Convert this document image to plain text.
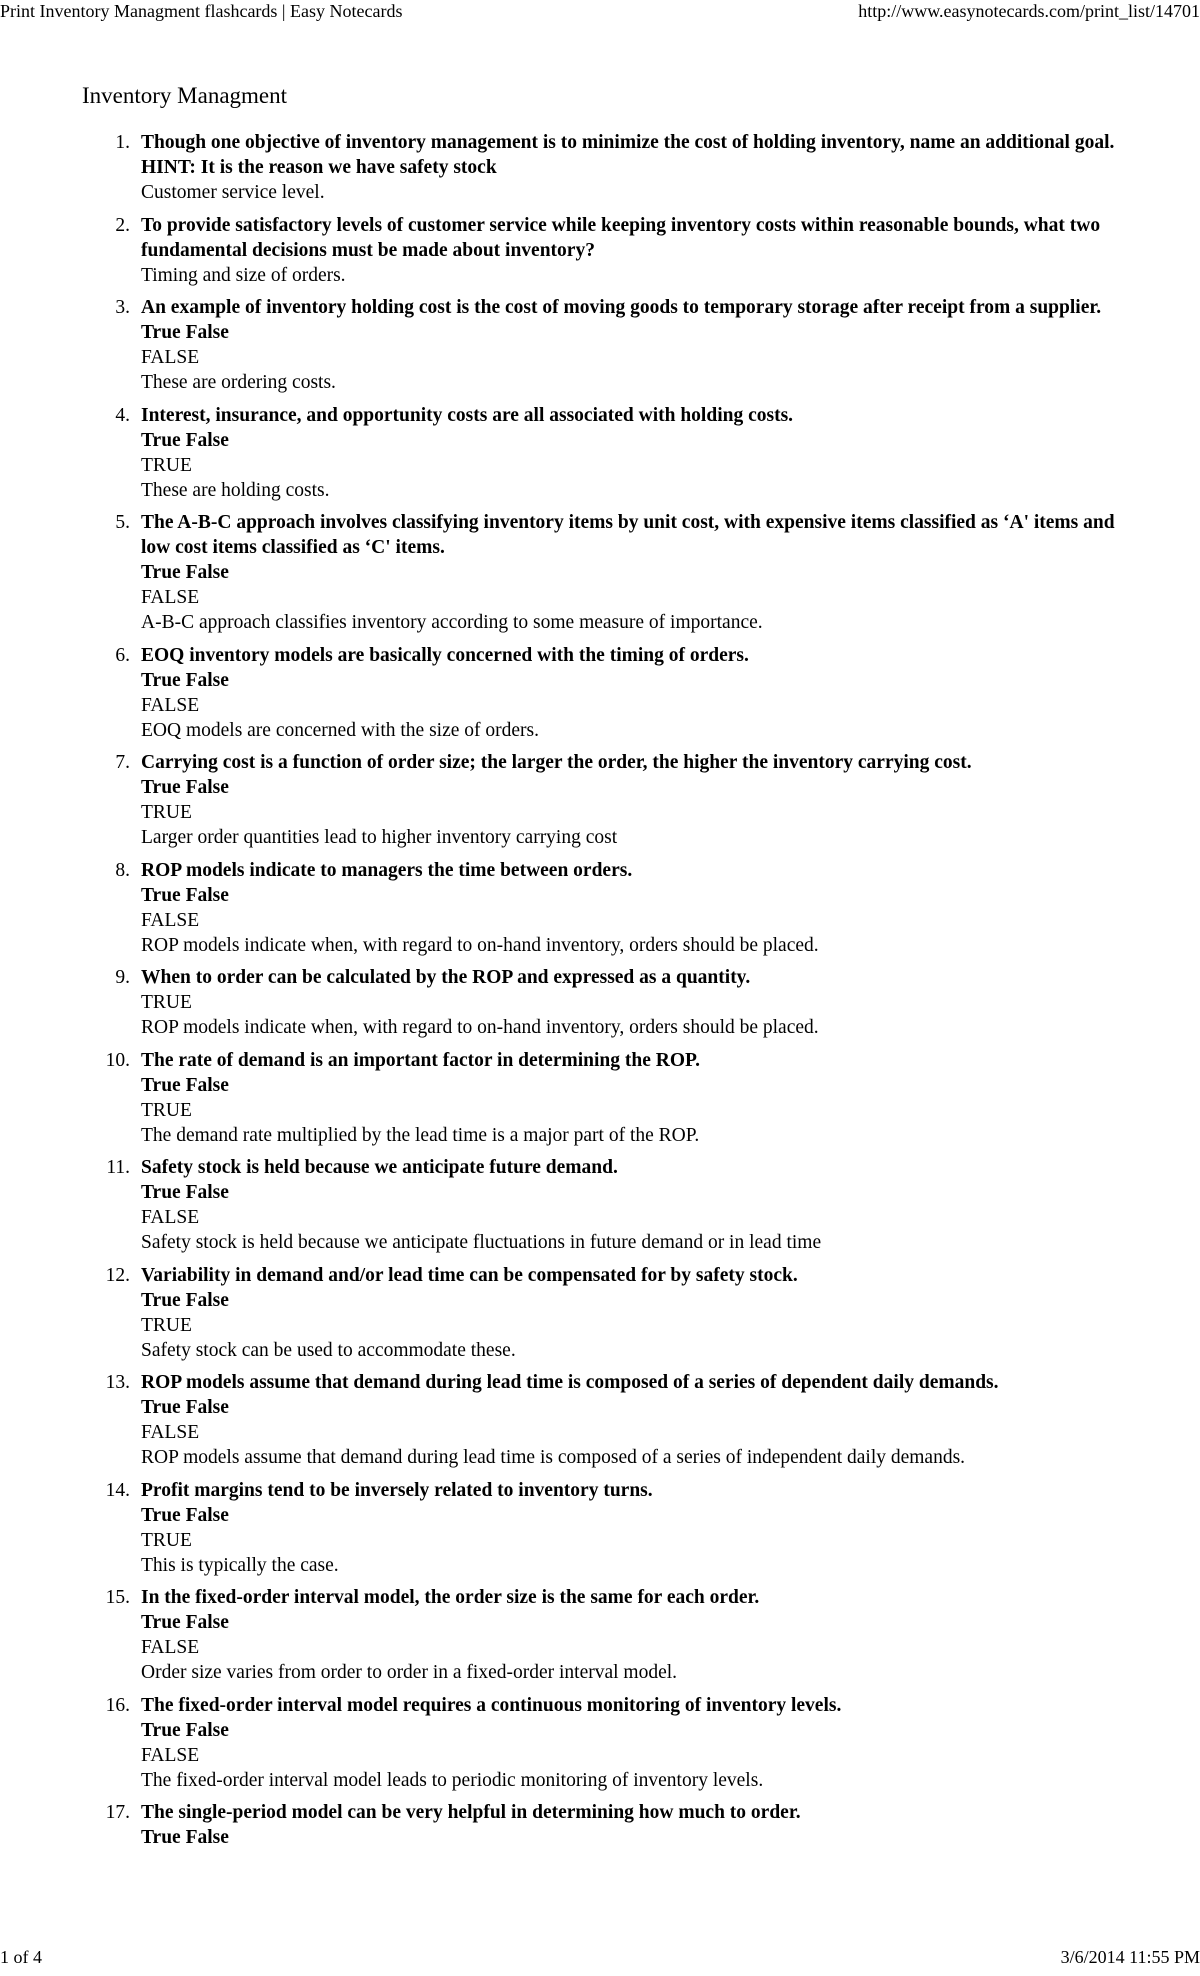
Print Inventory Managment flashcards | Easy Notecards	http://www.easynotecards.com/print_list/14701
Inventory Managment
1. Though one objective of inventory management is to minimize the cost of holding inventory, name an additional goal. HINT: It is the reason we have safety stock
Customer service level.
2. To provide satisfactory levels of customer service while keeping inventory costs within reasonable bounds, what two fundamental decisions must be made about inventory?
Timing and size of orders.
3. An example of inventory holding cost is the cost of moving goods to temporary storage after receipt from a supplier.
True False
FALSE
These are ordering costs.
4. Interest, insurance, and opportunity costs are all associated with holding costs.
True False
TRUE
These are holding costs.
5. The A-B-C approach involves classifying inventory items by unit cost, with expensive items classified as ‘A' items and low cost items classified as ‘C' items.
True False
FALSE
A-B-C approach classifies inventory according to some measure of importance.
6. EOQ inventory models are basically concerned with the timing of orders.
True False
FALSE
EOQ models are concerned with the size of orders.
7. Carrying cost is a function of order size; the larger the order, the higher the inventory carrying cost.
True False
TRUE
Larger order quantities lead to higher inventory carrying cost
8. ROP models indicate to managers the time between orders.
True False
FALSE
ROP models indicate when, with regard to on-hand inventory, orders should be placed.
9. When to order can be calculated by the ROP and expressed as a quantity.
TRUE
ROP models indicate when, with regard to on-hand inventory, orders should be placed.
10. The rate of demand is an important factor in determining the ROP.
True False
TRUE
The demand rate multiplied by the lead time is a major part of the ROP.
11. Safety stock is held because we anticipate future demand.
True False
FALSE
Safety stock is held because we anticipate fluctuations in future demand or in lead time
12. Variability in demand and/or lead time can be compensated for by safety stock.
True False
TRUE
Safety stock can be used to accommodate these.
13. ROP models assume that demand during lead time is composed of a series of dependent daily demands.
True False
FALSE
ROP models assume that demand during lead time is composed of a series of independent daily demands.
14. Profit margins tend to be inversely related to inventory turns.
True False
TRUE
This is typically the case.
15. In the fixed-order interval model, the order size is the same for each order.
True False
FALSE
Order size varies from order to order in a fixed-order interval model.
16. The fixed-order interval model requires a continuous monitoring of inventory levels.
True False
FALSE
The fixed-order interval model leads to periodic monitoring of inventory levels.
17. The single-period model can be very helpful in determining how much to order.
True False
1 of 4	3/6/2014 11:55 PM
